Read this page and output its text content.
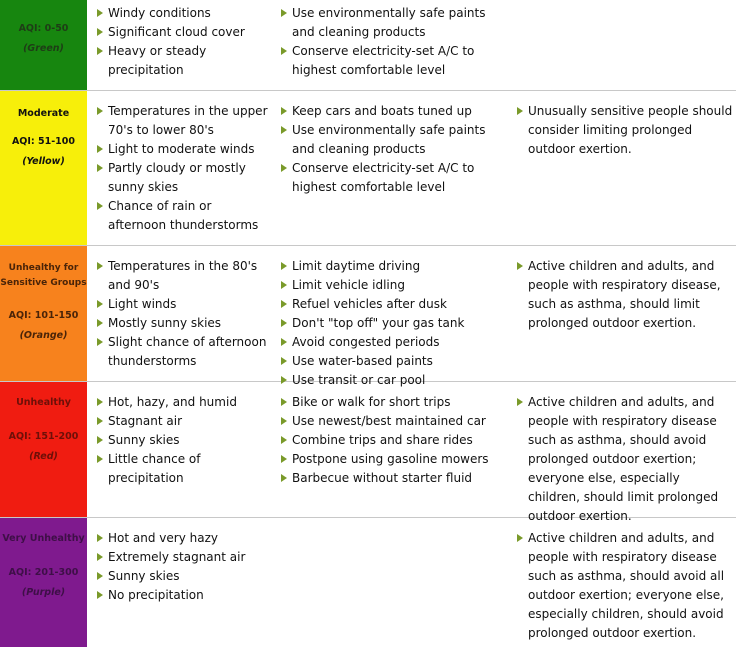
AQI: 0-50

(Green)

Windy conditions
Significant cloud cover
Heavy or steady precipitation
Use environmentally safe paints and cleaning products
Conserve electricity-set A/C to highest comfortable level

Moderate

AQI: 51-100

(Yellow)

Temperatures in the upper 70's to lower 80's
Light to moderate winds
Partly cloudy or mostly sunny skies
Chance of rain or afternoon thunderstorms
Keep cars and boats tuned up
Use environmentally safe paints and cleaning products
Conserve electricity-set A/C to highest comfortable level
Unusually sensitive people should consider limiting prolonged outdoor exertion.

Unhealthy for Sensitive Groups

AQI: 101-150

(Orange)

Temperatures in the 80's and 90's
Light winds
Mostly sunny skies
Slight chance of afternoon thunderstorms
Limit daytime driving
Limit vehicle idling
Refuel vehicles after dusk
Don't "top off" your gas tank
Avoid congested periods
Use water-based paints
Use transit or car pool
Active children and adults, and people with respiratory disease, such as asthma, should limit prolonged outdoor exertion.

Unhealthy

AQI: 151-200

(Red)

Hot, hazy, and humid
Stagnant air
Sunny skies
Little chance of precipitation
Bike or walk for short trips
Use newest/best maintained car
Combine trips and share rides
Postpone using gasoline mowers
Barbecue without starter fluid
Active children and adults, and people with respiratory disease such as asthma, should avoid prolonged outdoor exertion; everyone else, especially children, should limit prolonged outdoor exertion.

Very Unhealthy

AQI: 201-300

(Purple)

Hot and very hazy
Extremely stagnant air
Sunny skies
No precipitation
Active children and adults, and people with respiratory disease such as asthma, should avoid all outdoor exertion; everyone else, especially children, should avoid prolonged outdoor exertion.
